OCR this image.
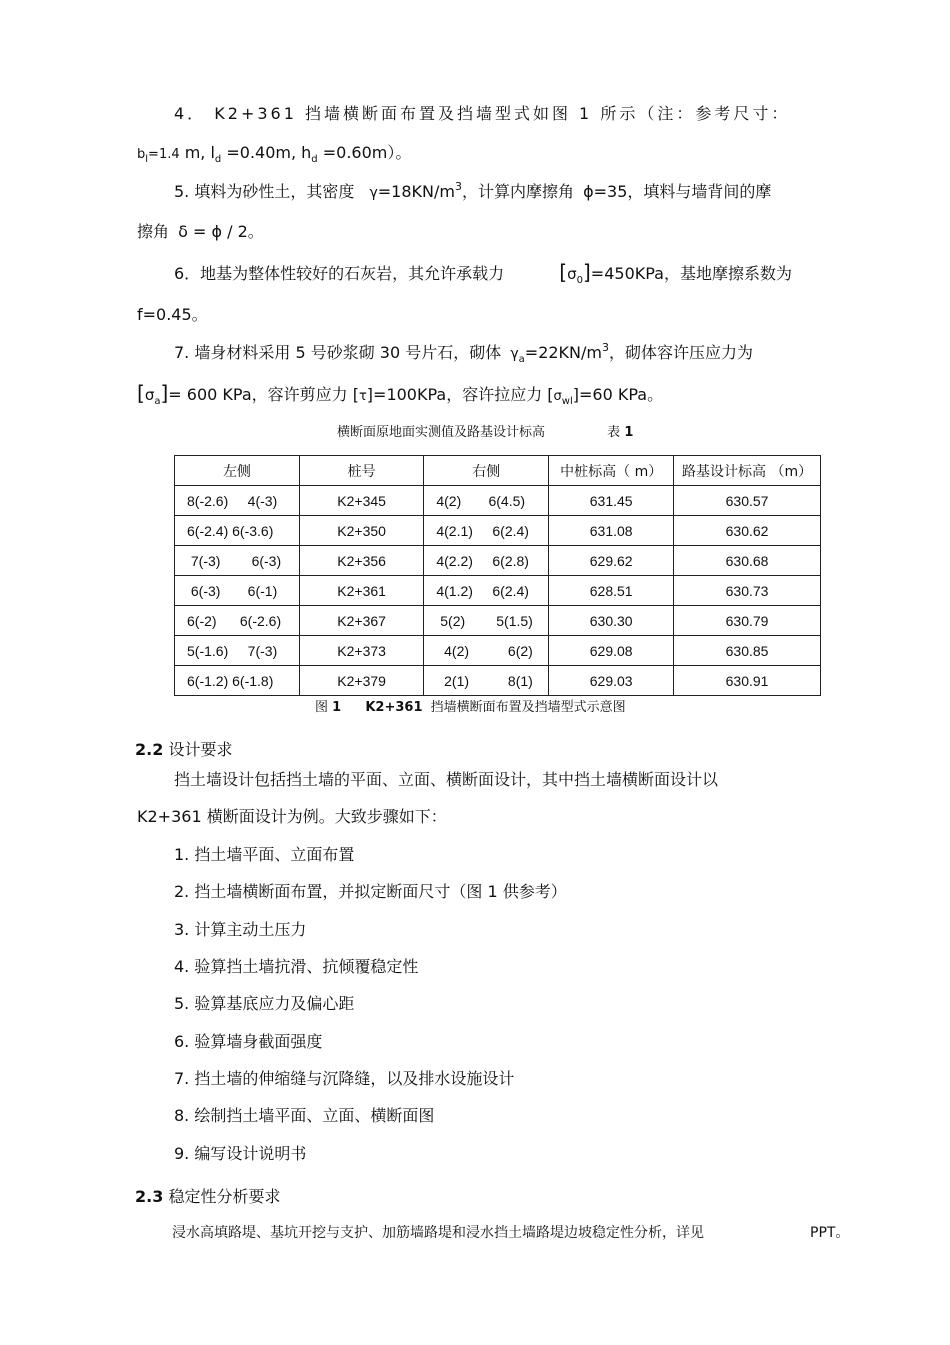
4． K2+361 挡墙横断面布置及挡墙型式如图 1 所示（注：参考尺寸：
$b_l=1.4$ m, $l_d =0.40m$, $h_d =0.60m$）。
5. 填料为砂性土，其密度 $\gamma=18KN/m^3$，计算内摩擦角 ϕ=35，填料与墙背间的摩
擦角 δ = ϕ / 2。
6．地基为整体性较好的石灰岩，其允许承载力	$[\sigma_0]=450KPa$，基地摩擦系数为
f=0.45。
7. 墙身材料采用 5 号砂浆砌 30 号片石，砌体 $\gamma_a=22KN/m^3$，砌体容许压应力为
$[\sigma_a]= 600$ KPa，容许剪应力 [τ]=100KPa，容许拉应力 $[\sigma_{wl}]=60$ KPa。
横断面原地面实测值及路基设计标高	表 1
左侧	桩号	右侧	中桩标高（ m）	路基设计标高 （m）
8(-2.6)     4(-3)	K2+345	4(2)       6(4.5)	631.45	630.57
6(-2.4) 6(-3.6)	K2+350	4(2.1)     6(2.4)	631.08	630.62
7(-3)        6(-3)	K2+356	4(2.2)     6(2.8)	629.62	630.68
6(-3)       6(-1)	K2+361	4(1.2)     6(2.4)	628.51	630.73
6(-2)      6(-2.6)	K2+367	5(2)        5(1.5)	630.30	630.79
5(-1.6)     7(-3)	K2+373	4(2)          6(2)	629.08	630.85
6(-1.2) 6(-1.8)	K2+379	2(1)          8(1)	629.03	630.91
图 1 K2+361 挡墙横断面布置及挡墙型式示意图
2.2 设计要求
挡土墙设计包括挡土墙的平面、立面、横断面设计，其中挡土墙横断面设计以
K2+361 横断面设计为例。大致步骤如下：
1. 挡土墙平面、立面布置
2. 挡土墙横断面布置，并拟定断面尺寸（图 1 供参考）
3. 计算主动土压力
4. 验算挡土墙抗滑、抗倾覆稳定性
5. 验算基底应力及偏心距
6. 验算墙身截面强度
7. 挡土墙的伸缩缝与沉降缝，以及排水设施设计
8. 绘制挡土墙平面、立面、横断面图
9. 编写设计说明书
2.3 稳定性分析要求
浸水高填路堤、基坑开挖与支护、加筋墙路堤和浸水挡土墙路堤边坡稳定性分析，详见	PPT。
